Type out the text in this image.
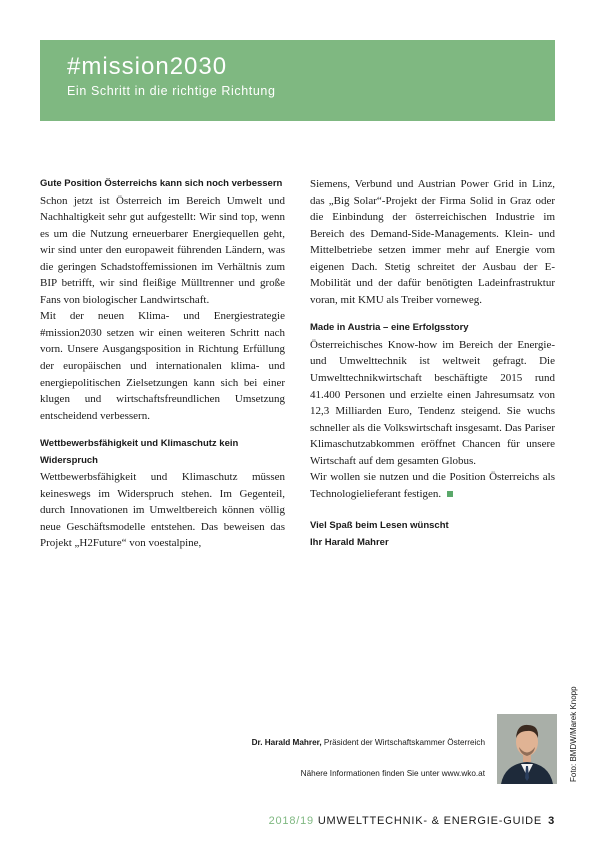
#mission2030
Ein Schritt in die richtige Richtung
Gute Position Österreichs kann sich noch verbessern
Schon jetzt ist Österreich im Bereich Umwelt und Nachhaltigkeit sehr gut aufgestellt: Wir sind top, wenn es um die Nutzung erneuerbarer Energiequellen geht, wir sind unter den europaweit führenden Ländern, was die geringen Schadstoffemissionen im Verhältnis zum BIP betrifft, wir sind fleißige Mülltrenner und große Fans von biologischer Landwirtschaft.
Mit der neuen Klima- und Energiestrategie #mission2030 setzen wir einen weiteren Schritt nach vorn. Unsere Ausgangsposition in Richtung Erfüllung der europäischen und internationalen klima- und energiepolitischen Zielsetzungen kann sich bei einer klugen und wirtschaftsfreundlichen Umsetzung entscheidend verbessern.
Wettbewerbsfähigkeit und Klimaschutz kein Widerspruch
Wettbewerbsfähigkeit und Klimaschutz müssen keineswegs im Widerspruch stehen. Im Gegenteil, durch Innovationen im Umweltbereich können völlig neue Geschäftsmodelle entstehen. Das beweisen das Projekt „H2Future“ von voestalpine,
Siemens, Verbund und Austrian Power Grid in Linz, das „Big Solar“-Projekt der Firma Solid in Graz oder die Einbindung der österreichischen Industrie im Bereich des Demand-Side-Managements. Klein- und Mittelbetriebe setzen immer mehr auf Energie vom eigenen Dach. Stetig schreitet der Ausbau der E-Mobilität und der dafür benötigten Ladeinfrastruktur voran, mit KMU als Treiber vorneweg.
Made in Austria – eine Erfolgsstory
Österreichisches Know-how im Bereich der Energie- und Umwelttechnik ist weltweit gefragt. Die Umwelttechnikwirtschaft beschäftigte 2015 rund 41.400 Personen und erzielte einen Jahresumsatz von 12,3 Milliarden Euro, Tendenz steigend. Sie wuchs schneller als die Volkswirtschaft insgesamt. Das Pariser Klimaschutzabkommen eröffnet Chancen für unsere Wirtschaft auf dem gesamten Globus.
Wir wollen sie nutzen und die Position Österreichs als Technologielieferant festigen.
Viel Spaß beim Lesen wünscht
Ihr Harald Mahrer
Dr. Harald Mahrer, Präsident der Wirtschaftskammer Österreich
Nähere Informationen finden Sie unter www.wko.at	Foto: BMDW/Marek Knopp
2018/19 UMWELTTECHNIK- & ENERGIE-GUIDE 3
